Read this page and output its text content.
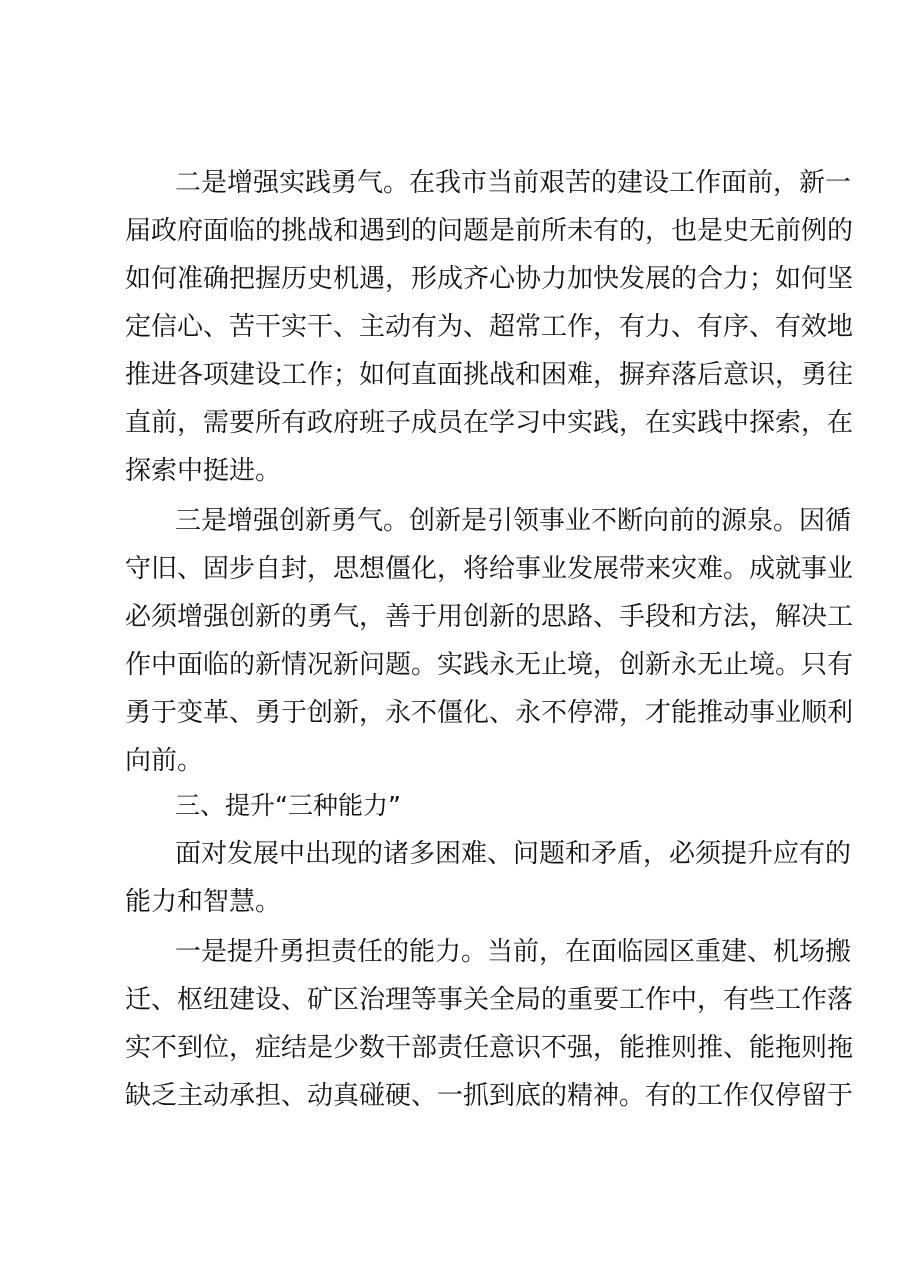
二是增强实践勇气。在我市当前艰苦的建设工作面前，新一
届政府面临的挑战和遇到的问题是前所未有的，也是史无前例的
如何准确把握历史机遇，形成齐心协力加快发展的合力；如何坚
定信心、苦干实干、主动有为、超常工作，有力、有序、有效地
推进各项建设工作；如何直面挑战和困难，摒弃落后意识，勇往
直前，需要所有政府班子成员在学习中实践，在实践中探索，在
探索中挺进。
三是增强创新勇气。创新是引领事业不断向前的源泉。因循
守旧、固步自封，思想僵化，将给事业发展带来灾难。成就事业
必须增强创新的勇气，善于用创新的思路、手段和方法，解决工
作中面临的新情况新问题。实践永无止境，创新永无止境。只有
勇于变革、勇于创新，永不僵化、永不停滞，才能推动事业顺利
向前。
三、提升“三种能力”
面对发展中出现的诸多困难、问题和矛盾，必须提升应有的
能力和智慧。
一是提升勇担责任的能力。当前，在面临园区重建、机场搬
迁、枢纽建设、矿区治理等事关全局的重要工作中，有些工作落
实不到位，症结是少数干部责任意识不强，能推则推、能拖则拖
缺乏主动承担、动真碰硬、一抓到底的精神。有的工作仅停留于
